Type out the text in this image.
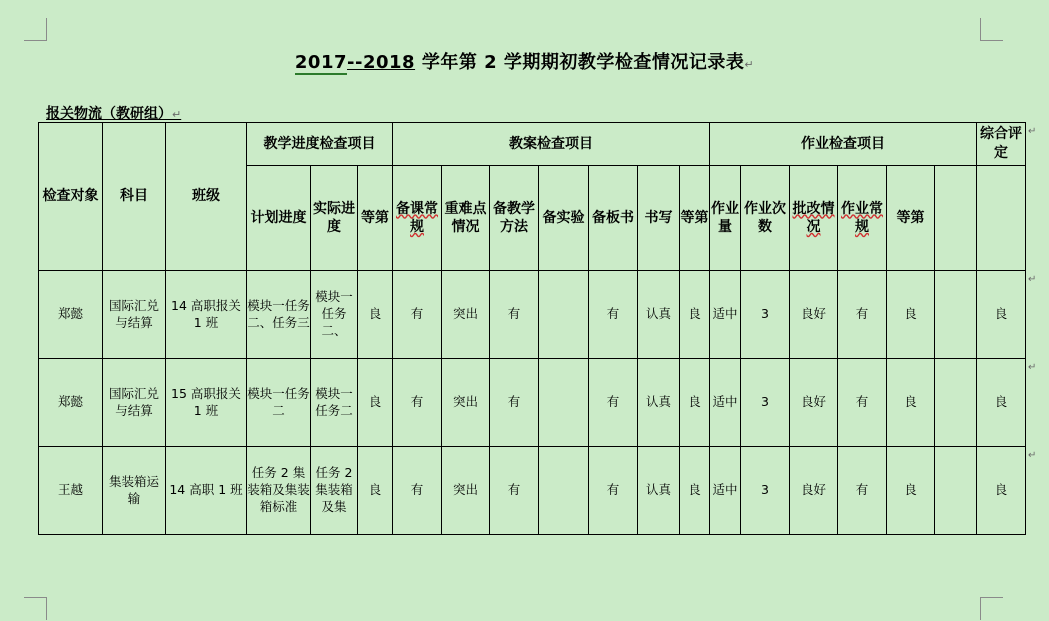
2017--2018 学年第 2 学期期初教学检查情况记录表↵
报关物流（教研组）↵
检查对象	科目	班级	教学进度检查项目			教案检查项目							作业检查项目						综合评定
			计划进度	实际进度	等第	备课常规	重难点情况	备教学方法	备实验	备板书	书写	等第	作业量	作业次数	批改情况	作业常规	等第		
郑懿	国际汇兑与结算	14 高职报关 1 班	模块一任务二、任务三	模块一任务二、	良	有	突出	有		有	认真	良	适中	3	良好	有	良		良
郑懿	国际汇兑与结算	15 高职报关 1 班	模块一任务二	模块一任务二	良	有	突出	有		有	认真	良	适中	3	良好	有	良		良
王越	集装箱运输	14 高职 1 班	任务 2 集装箱及集装箱标准	任务 2 集装箱及集	良	有	突出	有		有	认真	良	适中	3	良好	有	良		良
↵
↵
↵
↵
